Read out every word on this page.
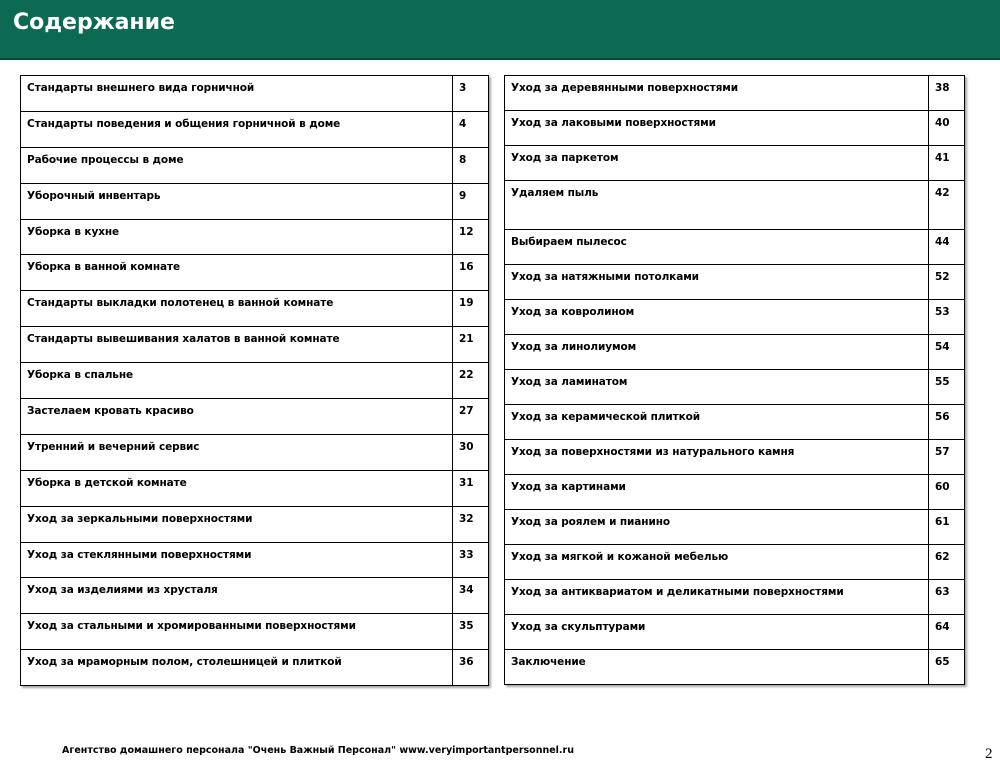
Содержание
Стандарты внешнего вида горничной	3
Стандарты поведения и общения горничной в доме	4
Рабочие процессы в доме	8
Уборочный инвентарь	9
Уборка в кухне	12
Уборка в ванной комнате	16
Стандарты выкладки полотенец в ванной комнате	19
Стандарты вывешивания халатов в ванной комнате	21
Уборка в спальне	22
Застелаем кровать красиво	27
Утренний и вечерний сервис	30
Уборка в детской комнате	31
Уход за зеркальными поверхностями	32
Уход за стеклянными поверхностями	33
Уход за изделиями из хрусталя	34
Уход за стальными и хромированными поверхностями	35
Уход за мраморным полом, столешницей и плиткой	36
Уход за деревянными поверхностями	38
Уход за лаковыми поверхностями	40
Уход за паркетом	41
Удаляем пыль	42
Выбираем пылесос	44
Уход за натяжными потолками	52
Уход за ковролином	53
Уход за линолиумом	54
Уход за ламинатом	55
Уход за керамической плиткой	56
Уход за поверхностями из натурального камня	57
Уход за картинами	60
Уход за роялем и пианино	61
Уход за мягкой и кожаной мебелью	62
Уход за антиквариатом и деликатными поверхностями	63
Уход за скульптурами	64
Заключение	65
Агентство домашнего персонала "Очень Важный Персонал" www.veryimportantpersonnel.ru	2
